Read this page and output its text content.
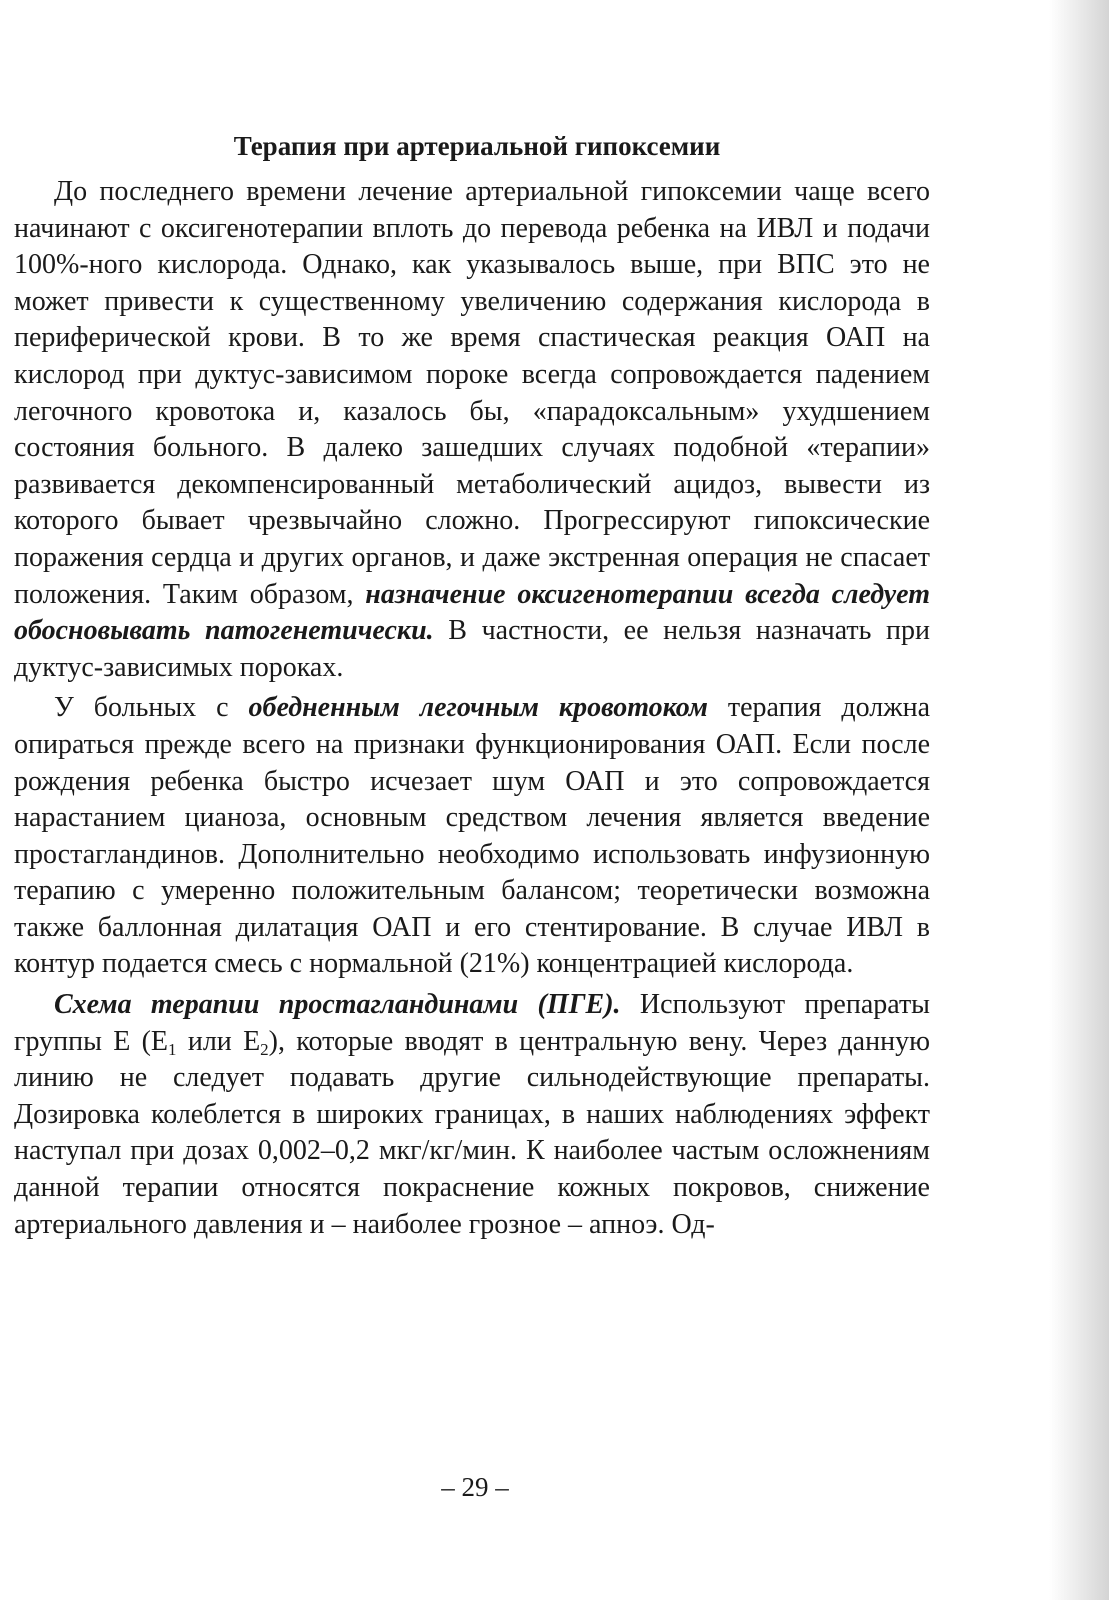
Терапия при артериальной гипоксемии

До последнего времени лечение артериальной гипоксемии чаще всего начинают с оксигенотерапии вплоть до перевода ребенка на ИВЛ и подачи 100%-ного кислорода. Однако, как указывалось выше, при ВПС это не может привести к существенному увеличению содержания кислорода в периферической крови. В то же время спастическая реакция ОАП на кислород при дуктус-зависимом пороке всегда сопровождается падением легочного кровотока и, казалось бы, «парадоксальным» ухудшением состояния больного. В далеко зашедших случаях подобной «терапии» развивается декомпенсированный метаболический ацидоз, вывести из которого бывает чрезвычайно сложно. Прогрессируют гипоксические поражения сердца и других органов, и даже экстренная операция не спасает положения. Таким образом, назначение оксигенотерапии всегда следует обосновывать патогенетически. В частности, ее нельзя назначать при дуктус-зависимых пороках.

У больных с обедненным легочным кровотоком терапия должна опираться прежде всего на признаки функционирования ОАП. Если после рождения ребенка быстро исчезает шум ОАП и это сопровождается нарастанием цианоза, основным средством лечения является введение простагландинов. Дополнительно необходимо использовать инфузионную терапию с умеренно положительным балансом; теоретически возможна также баллонная дилатация ОАП и его стентирование. В случае ИВЛ в контур подается смесь с нормальной (21%) концентрацией кислорода.

Схема терапии простагландинами (ПГЕ). Используют препараты группы Е ($Е_1$ или $Е_2$), которые вводят в центральную вену. Через данную линию не следует подавать другие сильнодействующие препараты. Дозировка колеблется в широких границах, в наших наблюдениях эффект наступал при дозах 0,002–0,2 мкг/кг/мин. К наиболее частым осложнениям данной терапии относятся покраснение кожных покровов, снижение артериального давления и – наиболее грозное – апноэ. Од-

– 29 –
